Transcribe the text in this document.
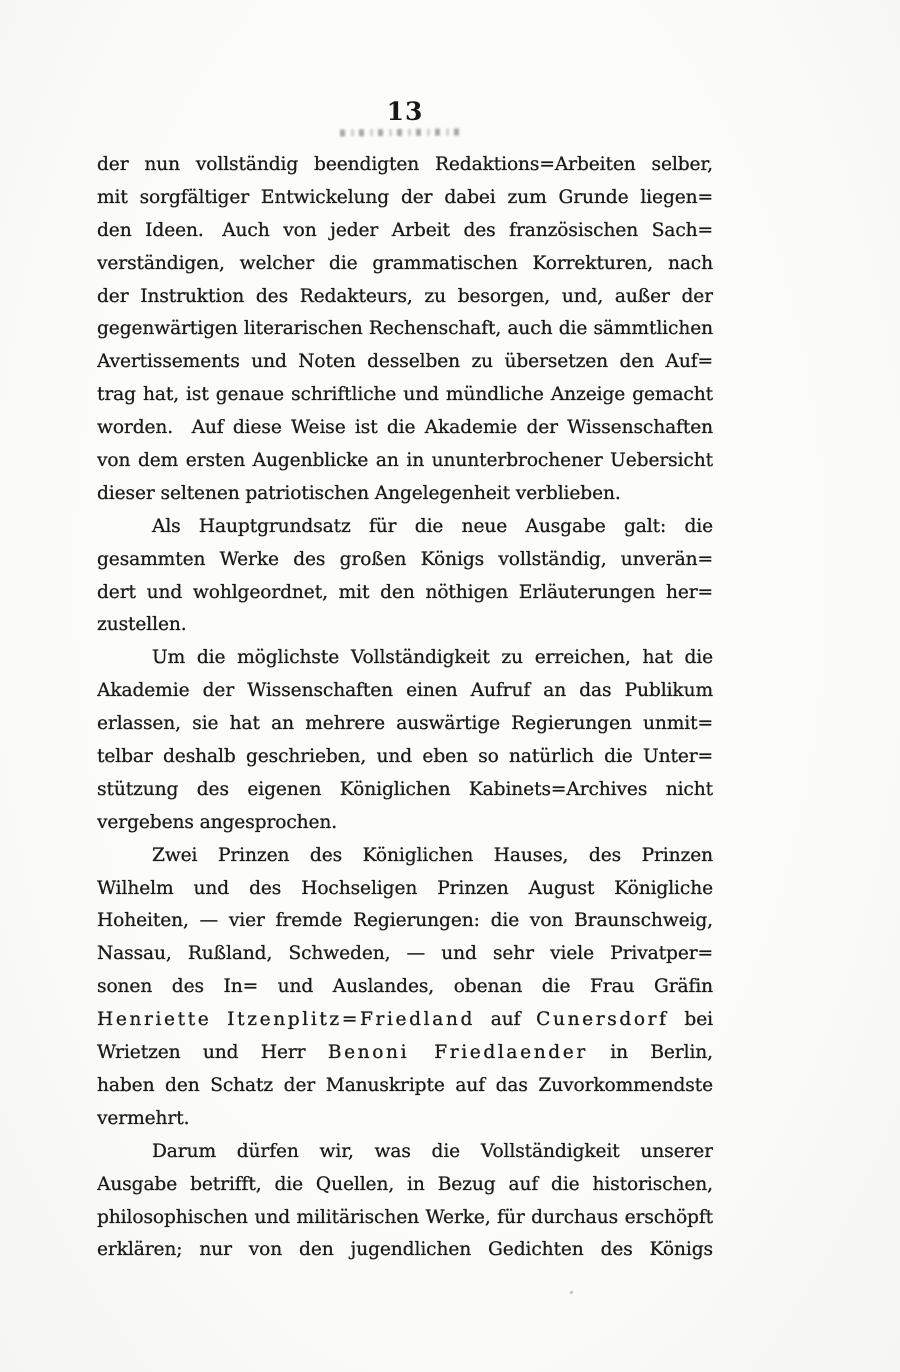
13
der nun vollständig beendigten Redaktions=Arbeiten selber,
mit sorgfältiger Entwickelung der dabei zum Grunde liegen=
den Ideen. Auch von jeder Arbeit des französischen Sach=
verständigen, welcher die grammatischen Korrekturen, nach
der Instruktion des Redakteurs, zu besorgen, und, außer der
gegenwärtigen literarischen Rechenschaft, auch die sämmtlichen
Avertissements und Noten desselben zu übersetzen den Auf=
trag hat, ist genaue schriftliche und mündliche Anzeige gemacht
worden. Auf diese Weise ist die Akademie der Wissenschaften
von dem ersten Augenblicke an in ununterbrochener Uebersicht
dieser seltenen patriotischen Angelegenheit verblieben.
Als Hauptgrundsatz für die neue Ausgabe galt: die
gesammten Werke des großen Königs vollständig, unverän=
dert und wohlgeordnet, mit den nöthigen Erläuterungen her=
zustellen.
Um die möglichste Vollständigkeit zu erreichen, hat die
Akademie der Wissenschaften einen Aufruf an das Publikum
erlassen, sie hat an mehrere auswärtige Regierungen unmit=
telbar deshalb geschrieben, und eben so natürlich die Unter=
stützung des eigenen Königlichen Kabinets=Archives nicht
vergebens angesprochen.
Zwei Prinzen des Königlichen Hauses, des Prinzen
Wilhelm und des Hochseligen Prinzen August Königliche
Hoheiten, — vier fremde Regierungen: die von Braunschweig,
Nassau, Rußland, Schweden, — und sehr viele Privatper=
sonen des In= und Auslandes, obenan die Frau Gräfin
Henriette Itzenplitz=Friedland auf Cunersdorf bei
Wrietzen und Herr Benoni Friedlaender in Berlin,
haben den Schatz der Manuskripte auf das Zuvorkommendste
vermehrt.
Darum dürfen wir, was die Vollständigkeit unserer
Ausgabe betrifft, die Quellen, in Bezug auf die historischen,
philosophischen und militärischen Werke, für durchaus erschöpft
erklären; nur von den jugendlichen Gedichten des Königs
